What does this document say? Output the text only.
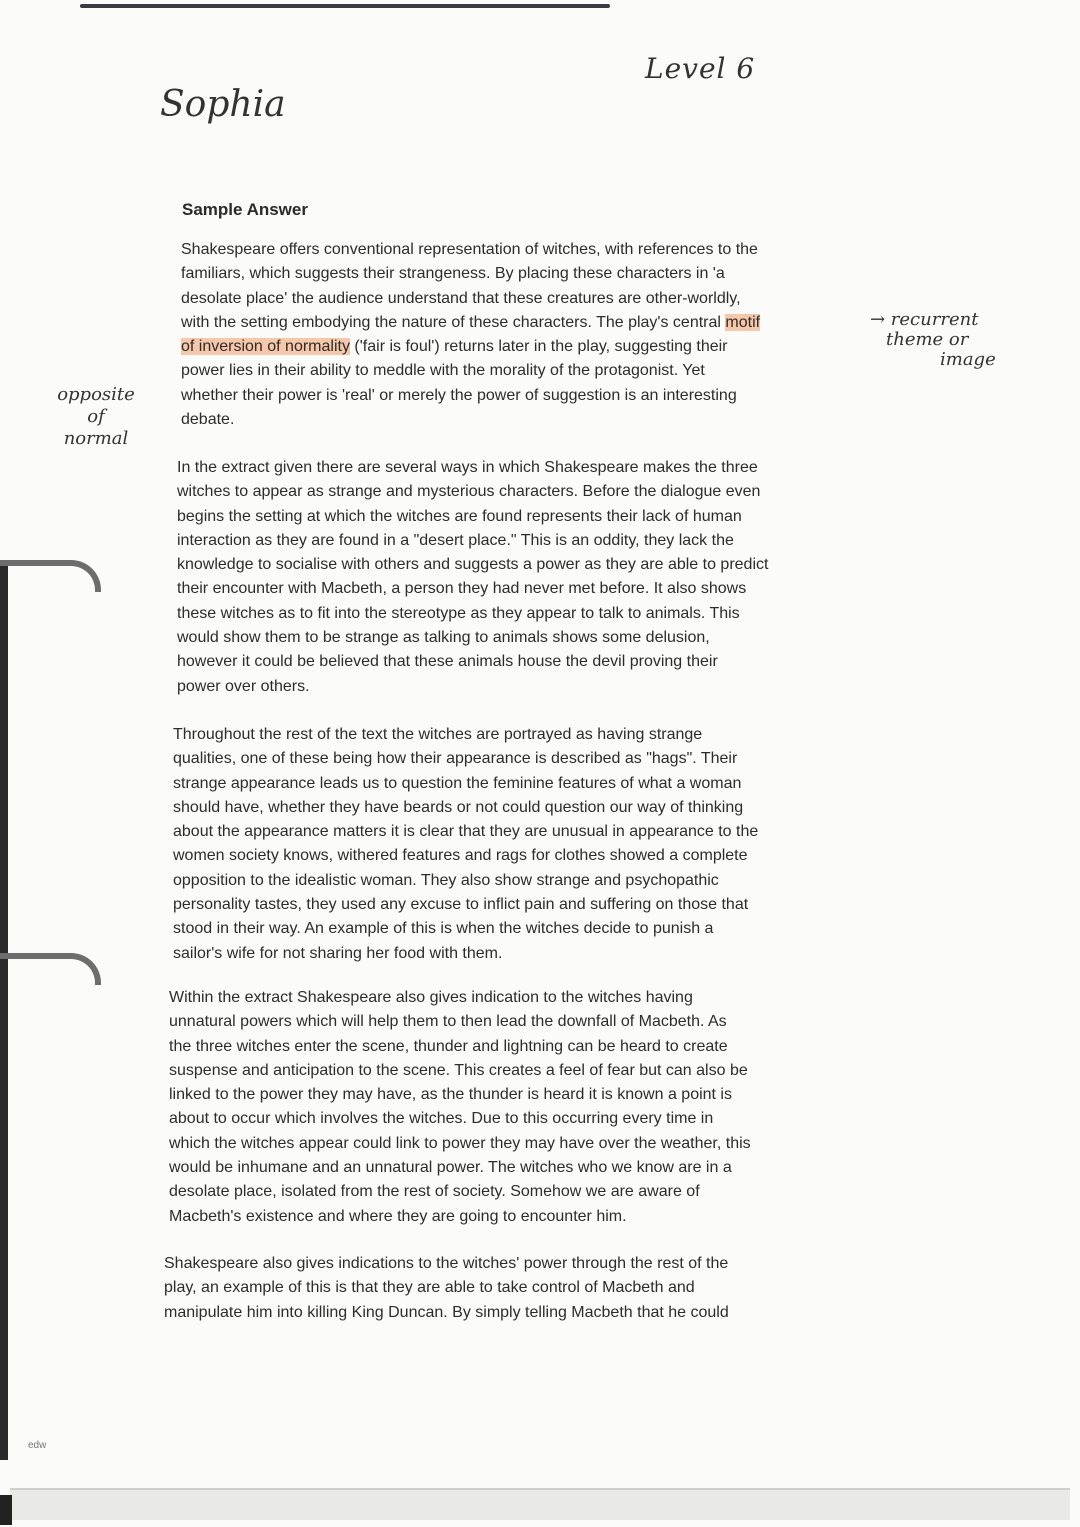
Level 6
Sophia
Sample Answer
Shakespeare offers conventional representation of witches, with references to the
familiars, which suggests their strangeness. By placing these characters in 'a
desolate place' the audience understand that these creatures are other-worldly,
with the setting embodying the nature of these characters. The play's central motif
of inversion of normality ('fair is foul') returns later in the play, suggesting their
power lies in their ability to meddle with the morality of the protagonist. Yet
whether their power is 'real' or merely the power of suggestion is an interesting
debate.
In the extract given there are several ways in which Shakespeare makes the three
witches to appear as strange and mysterious characters. Before the dialogue even
begins the setting at which the witches are found represents their lack of human
interaction as they are found in a "desert place." This is an oddity, they lack the
knowledge to socialise with others and suggests a power as they are able to predict
their encounter with Macbeth, a person they had never met before. It also shows
these witches as to fit into the stereotype as they appear to talk to animals. This
would show them to be strange as talking to animals shows some delusion,
however it could be believed that these animals house the devil proving their
power over others.
Throughout the rest of the text the witches are portrayed as having strange
qualities, one of these being how their appearance is described as "hags". Their
strange appearance leads us to question the feminine features of what a woman
should have, whether they have beards or not could question our way of thinking
about the appearance matters it is clear that they are unusual in appearance to the
women society knows, withered features and rags for clothes showed a complete
opposition to the idealistic woman. They also show strange and psychopathic
personality tastes, they used any excuse to inflict pain and suffering on those that
stood in their way. An example of this is when the witches decide to punish a
sailor's wife for not sharing her food with them.
Within the extract Shakespeare also gives indication to the witches having
unnatural powers which will help them to then lead the downfall of Macbeth. As
the three witches enter the scene, thunder and lightning can be heard to create
suspense and anticipation to the scene. This creates a feel of fear but can also be
linked to the power they may have, as the thunder is heard it is known a point is
about to occur which involves the witches. Due to this occurring every time in
which the witches appear could link to power they may have over the weather, this
would be inhumane and an unnatural power. The witches who we know are in a
desolate place, isolated from the rest of society. Somehow we are aware of
Macbeth's existence and where they are going to encounter him.
Shakespeare also gives indications to the witches' power through the rest of the
play, an example of this is that they are able to take control of Macbeth and
manipulate him into killing King Duncan. By simply telling Macbeth that he could
opposite
of
normal
→ recurrent
theme or
image
edw
